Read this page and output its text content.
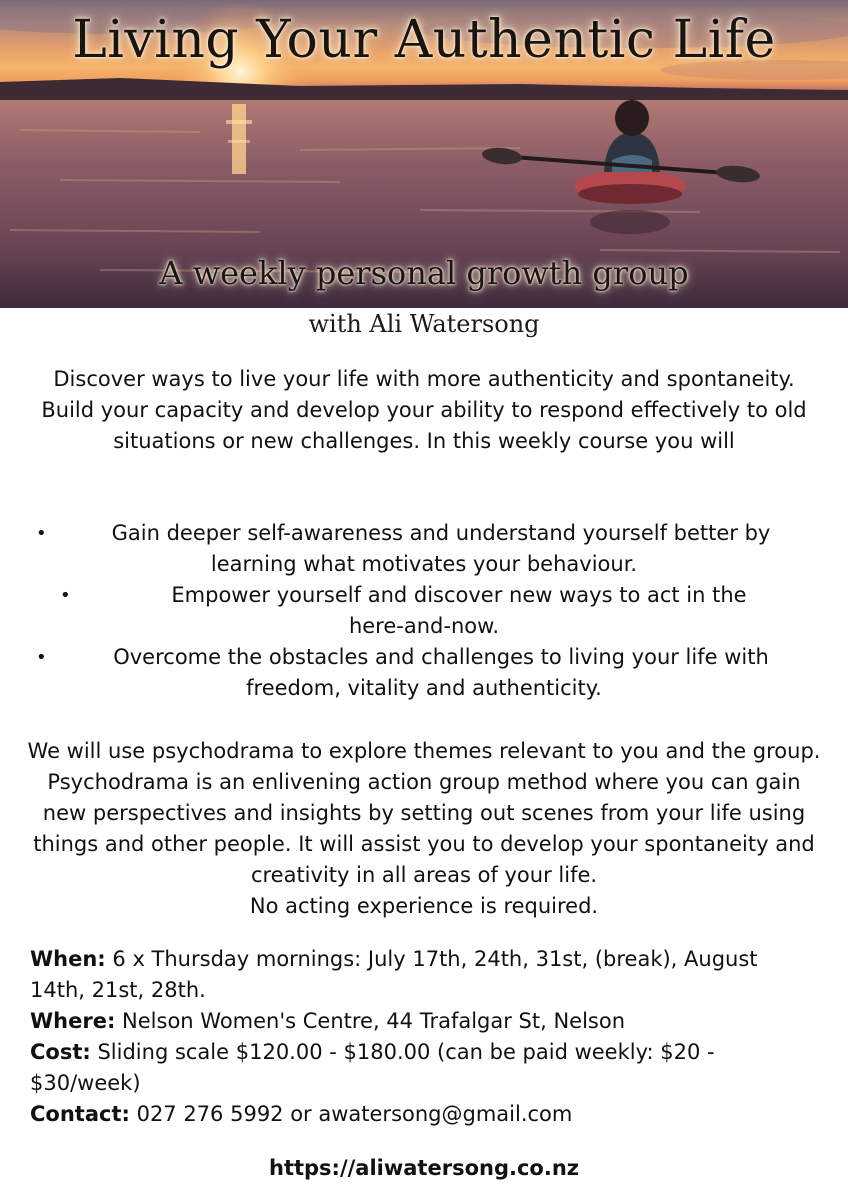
Living Your Authentic Life
A weekly personal growth group
with Ali Watersong
Discover ways to live your life with more authenticity and spontaneity. Build your capacity and develop your ability to respond effectively to old situations or new challenges. In this weekly course you will
•	Gain deeper self-awareness and understand yourself better by
learning what motivates your behaviour.
•	Empower yourself and discover new ways to act in the
here-and-now.
•	Overcome the obstacles and challenges to living your life with
freedom, vitality and authenticity.
We will use psychodrama to explore themes relevant to you and the group. Psychodrama is an enlivening action group method where you can gain new perspectives and insights by setting out scenes from your life using things and other people. It will assist you to develop your spontaneity and creativity in all areas of your life.
No acting experience is required.

When: 6 x Thursday mornings: July 17th, 24th, 31st, (break), August 14th, 21st, 28th.

Where: Nelson Women's Centre, 44 Trafalgar St, Nelson

Cost: Sliding scale $120.00 - $180.00 (can be paid weekly: $20 - $30/week)

Contact: 027 276 5992 or awatersong@gmail.com

https://aliwatersong.co.nz
